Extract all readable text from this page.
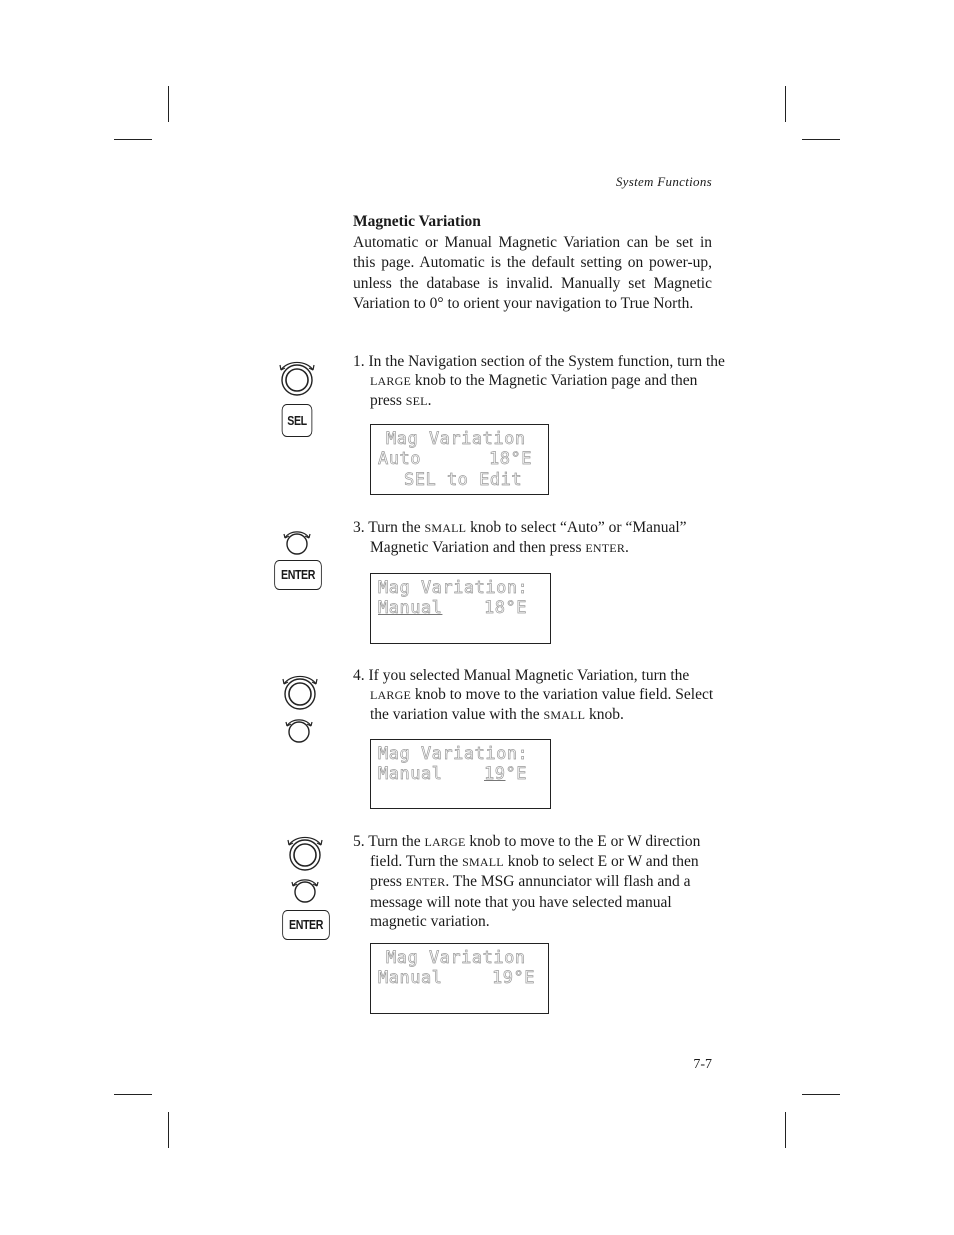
System Functions
Magnetic Variation

Automatic or Manual Magnetic Variation can be set in this page. Automatic is the default setting on power-up, unless the database is invalid. Manually set Magnetic Variation to 0° to orient your navigation to True North.

SEL

1. In the Navigation section of the System function, turn the LARGE knob to the Magnetic Variation page and then press SEL.

Mag Variation
Auto	18°E
SEL to Edit
ENTER

3. Turn the SMALL knob to select “Auto” or “Manual” Magnetic Variation and then press ENTER.

Mag Variation:
Manual 18°E

4. If you selected Manual Magnetic Variation, turn the LARGE knob to move to the variation value field. Select the variation value with the SMALL knob.

Mag Variation:
Manual 19°E
ENTER

5. Turn the LARGE knob to move to the E or W direction field. Turn the SMALL knob to select E or W and then press ENTER. The MSG annunciator will flash and a message will note that you have selected manual magnetic variation.

Mag Variation
Manual	19°E
7-7
